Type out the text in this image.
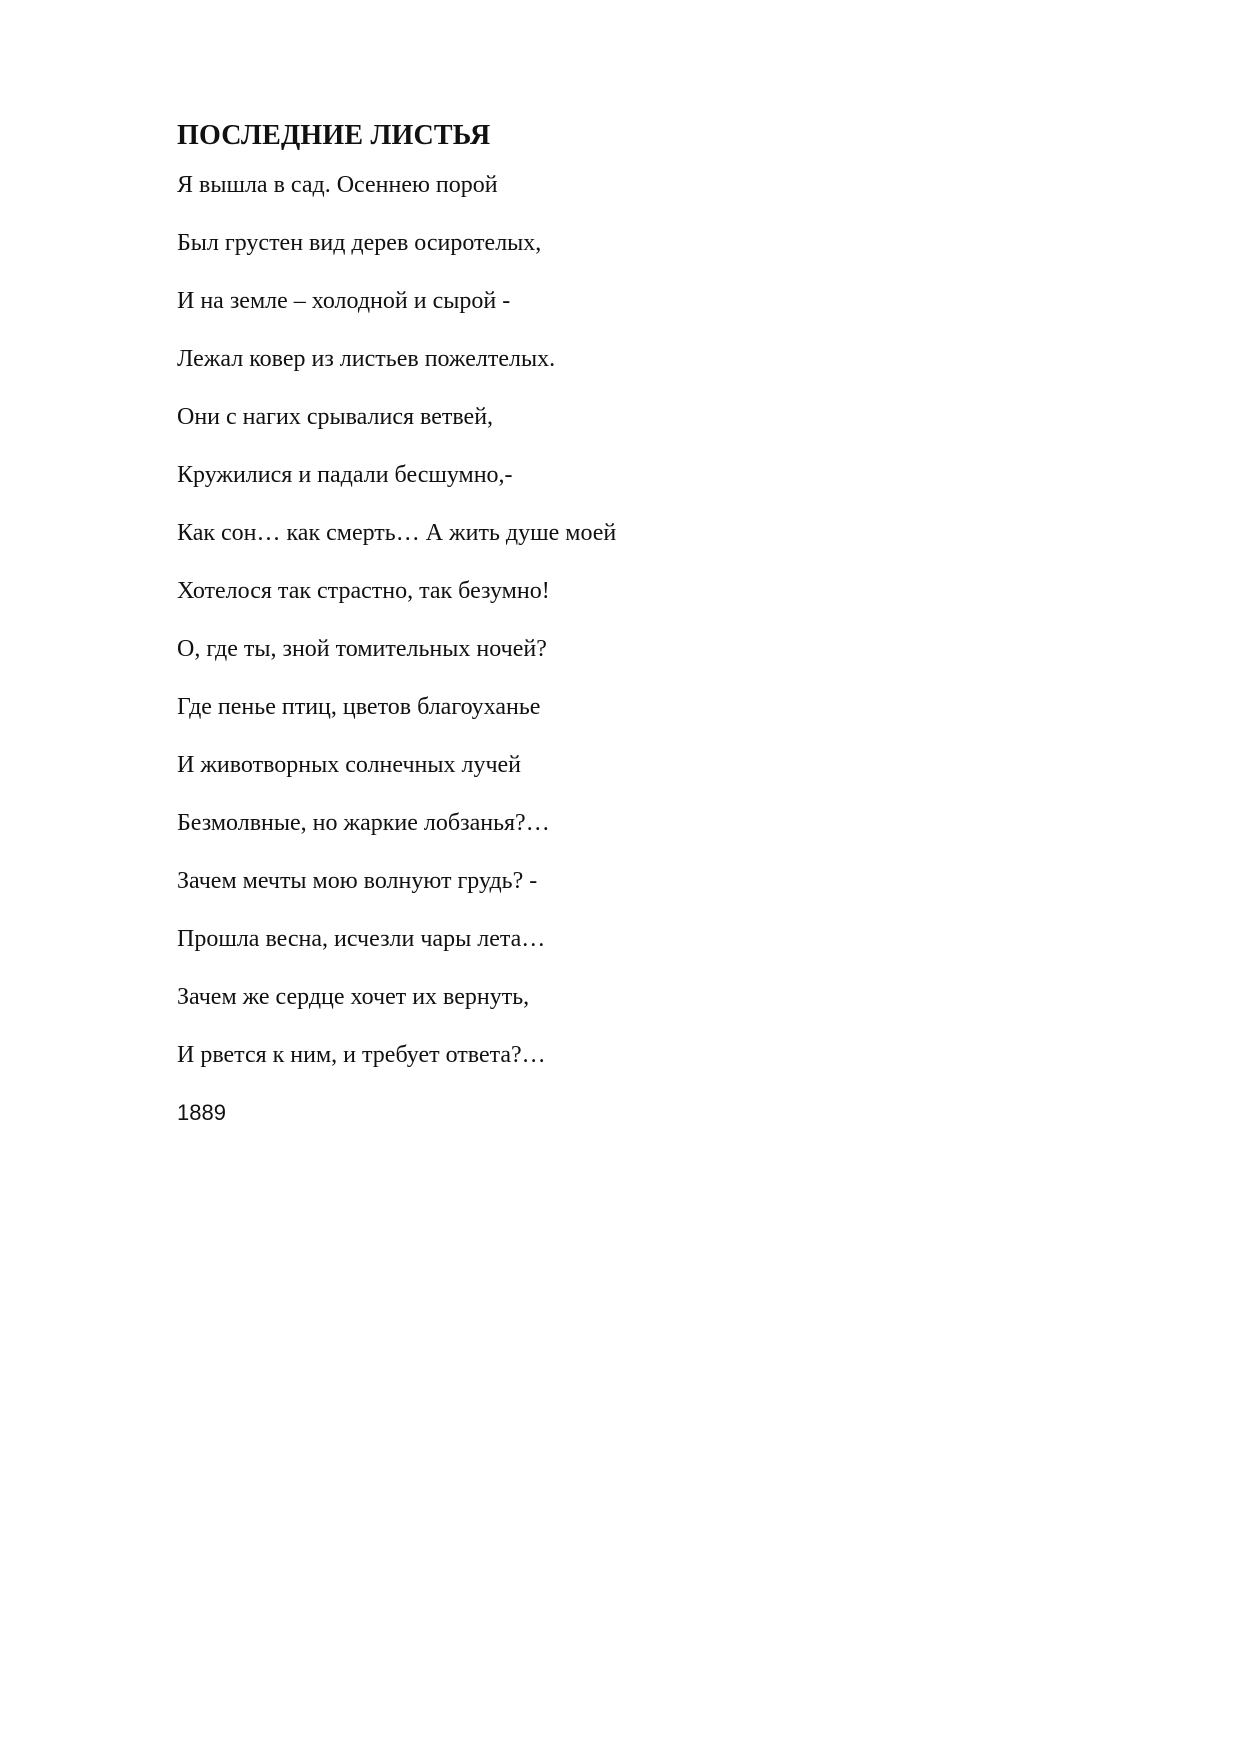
ПОСЛЕДНИЕ ЛИСТЬЯ
Я вышла в сад. Осеннею порой
Был грустен вид дерев осиротелых,
И на земле – холодной и сырой -
Лежал ковер из листьев пожелтелых.
Они с нагих срывалися ветвей,
Кружилися и падали бесшумно,-
Как сон… как смерть… А жить душе моей
Хотелося так страстно, так безумно!
О, где ты, зной томительных ночей?
Где пенье птиц, цветов благоуханье
И животворных солнечных лучей
Безмолвные, но жаркие лобзанья?…
Зачем мечты мою волнуют грудь? -
Прошла весна, исчезли чары лета…
Зачем же сердце хочет их вернуть,
И рвется к ним, и требует ответа?…

1889
